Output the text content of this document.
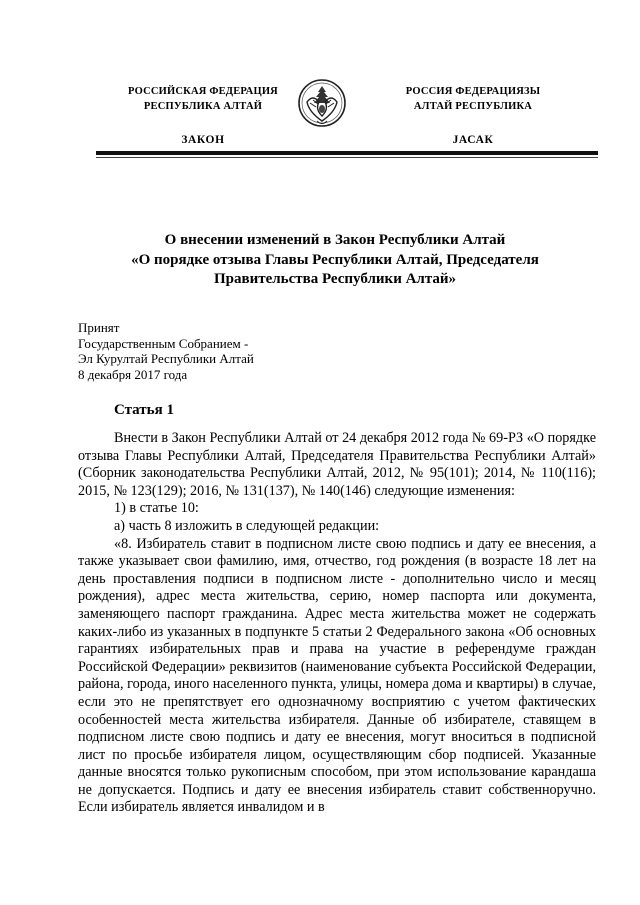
РОССИЙСКАЯ ФЕДЕРАЦИЯ
РЕСПУБЛИКА АЛТАЙ
ЗАКОН
РОССИЯ ФЕДЕРАЦИЯЗЫ
АЛТАЙ РЕСПУБЛИКА
ЈАСАК
О внесении изменений в Закон Республики Алтай
«О порядке отзыва Главы Республики Алтай, Председателя
Правительства Республики Алтай»
Принят
Государственным Собранием -
Эл Курултай Республики Алтай
8 декабря 2017 года
Статья 1

Внести в Закон Республики Алтай от 24 декабря 2012 года № 69-РЗ «О порядке отзыва Главы Республики Алтай, Председателя Правительства Республики Алтай» (Сборник законодательства Республики Алтай, 2012, № 95(101); 2014, № 110(116); 2015, № 123(129); 2016, № 131(137), № 140(146) следующие изменения:

1) в статье 10:

а) часть 8 изложить в следующей редакции:

«8. Избиратель ставит в подписном листе свою подпись и дату ее внесения, а также указывает свои фамилию, имя, отчество, год рождения (в возрасте 18 лет на день проставления подписи в подписном листе - дополнительно число и месяц рождения), адрес места жительства, серию, номер паспорта или документа, заменяющего паспорт гражданина. Адрес места жительства может не содержать каких-либо из указанных в подпункте 5 статьи 2 Федерального закона «Об основных гарантиях избирательных прав и права на участие в референдуме граждан Российской Федерации» реквизитов (наименование субъекта Российской Федерации, района, города, иного населенного пункта, улицы, номера дома и квартиры) в случае, если это не препятствует его однозначному восприятию с учетом фактических особенностей места жительства избирателя. Данные об избирателе, ставящем в подписном листе свою подпись и дату ее внесения, могут вноситься в подписной лист по просьбе избирателя лицом, осуществляющим сбор подписей. Указанные данные вносятся только рукописным способом, при этом использование карандаша не допускается. Подпись и дату ее внесения избиратель ставит собственноручно. Если избиратель является инвалидом и в
